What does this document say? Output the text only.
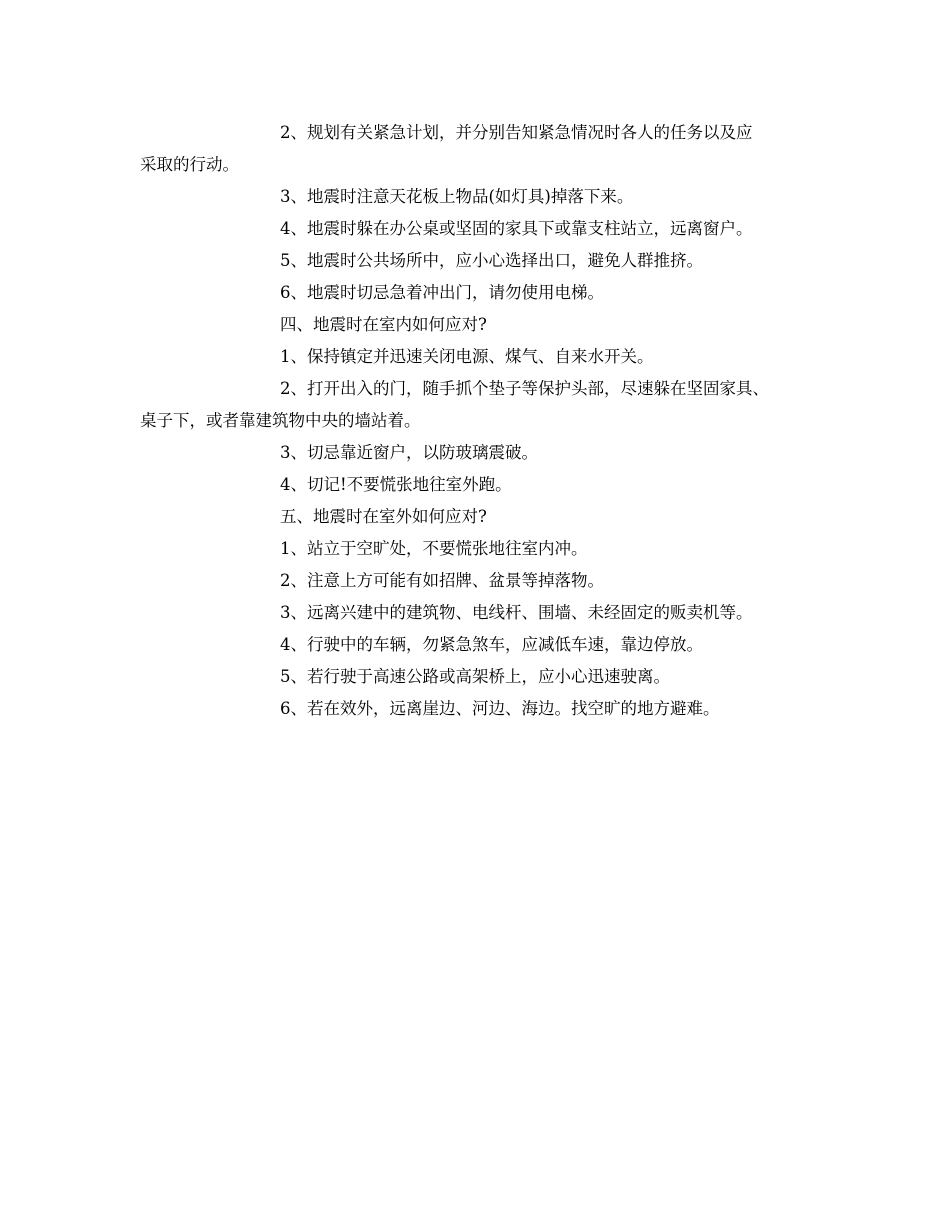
2、规划有关紧急计划，并分别告知紧急情况时各人的任务以及应

采取的行动。

3、地震时注意天花板上物品(如灯具)掉落下来。

4、地震时躲在办公桌或坚固的家具下或靠支柱站立，远离窗户。

5、地震时公共场所中，应小心选择出口，避免人群推挤。

6、地震时切忌急着冲出门，请勿使用电梯。

四、地震时在室内如何应对?

1、保持镇定并迅速关闭电源、煤气、自来水开关。

2、打开出入的门，随手抓个垫子等保护头部，尽速躲在坚固家具、

桌子下，或者靠建筑物中央的墙站着。

3、切忌靠近窗户，以防玻璃震破。

4、切记!不要慌张地往室外跑。

五、地震时在室外如何应对?

1、站立于空旷处，不要慌张地往室内冲。

2、注意上方可能有如招牌、盆景等掉落物。

3、远离兴建中的建筑物、电线杆、围墙、未经固定的贩卖机等。

4、行驶中的车辆，勿紧急煞车，应减低车速，靠边停放。

5、若行驶于高速公路或高架桥上，应小心迅速驶离。

6、若在效外，远离崖边、河边、海边。找空旷的地方避难。
